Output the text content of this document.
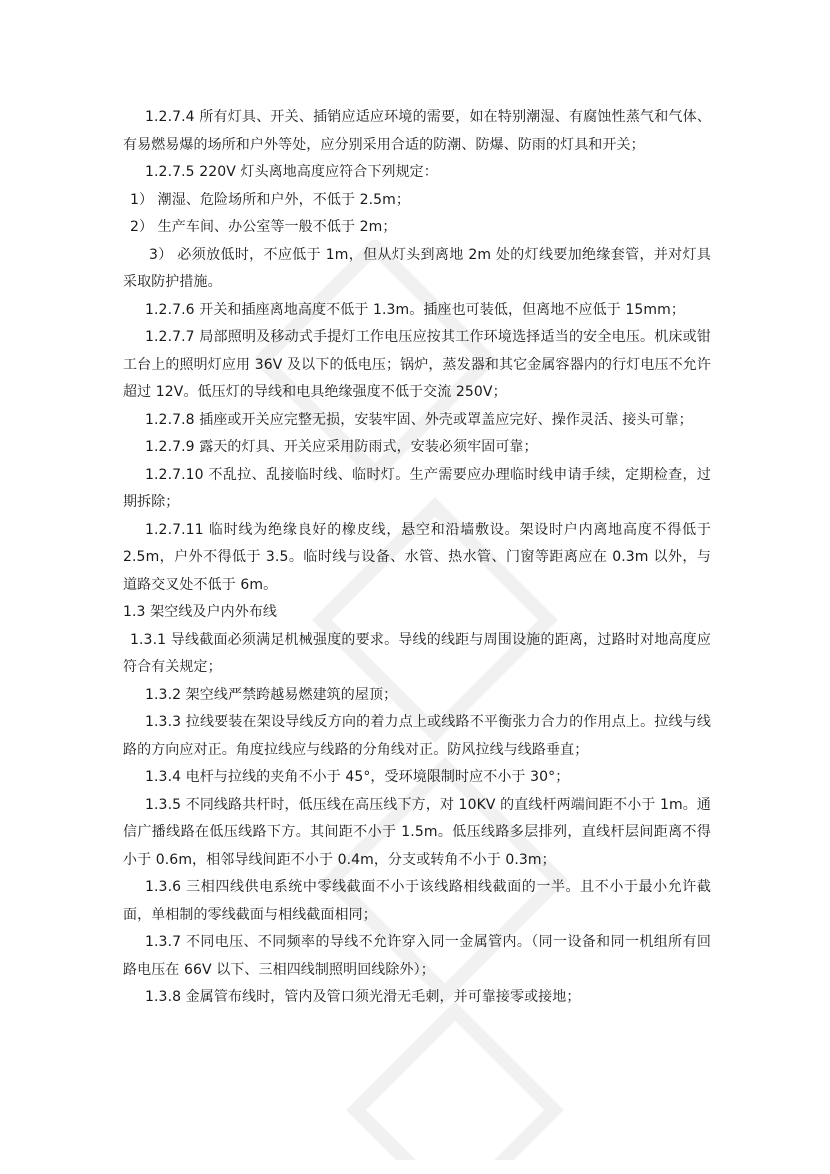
1.2.7.4 所有灯具、开关、插销应适应环境的需要，如在特别潮湿、有腐蚀性蒸气和气体、有易燃易爆的场所和户外等处，应分别采用合适的防潮、防爆、防雨的灯具和开关；

1.2.7.5 220V 灯头离地高度应符合下列规定：

1） 潮湿、危险场所和户外，不低于 2.5m；

2） 生产车间、办公室等一般不低于 2m；

3） 必须放低时，不应低于 1m，但从灯头到离地 2m 处的灯线要加绝缘套管，并对灯具采取防护措施。

1.2.7.6 开关和插座离地高度不低于 1.3m。插座也可装低，但离地不应低于 15mm；

1.2.7.7 局部照明及移动式手提灯工作电压应按其工作环境选择适当的安全电压。机床或钳工台上的照明灯应用 36V 及以下的低电压；锅炉，蒸发器和其它金属容器内的行灯电压不允许超过 12V。低压灯的导线和电具绝缘强度不低于交流 250V；

1.2.7.8 插座或开关应完整无损，安装牢固、外壳或罩盖应完好、操作灵活、接头可靠；

1.2.7.9 露天的灯具、开关应采用防雨式，安装必须牢固可靠；

1.2.7.10 不乱拉、乱接临时线、临时灯。生产需要应办理临时线申请手续，定期检查，过期拆除；

1.2.7.11 临时线为绝缘良好的橡皮线，悬空和沿墙敷设。架设时户内离地高度不得低于 2.5m，户外不得低于 3.5。临时线与设备、水管、热水管、门窗等距离应在 0.3m 以外，与道路交叉处不低于 6m。

1.3 架空线及户内外布线

1.3.1 导线截面必须满足机械强度的要求。导线的线距与周围设施的距离，过路时对地高度应符合有关规定；

1.3.2 架空线严禁跨越易燃建筑的屋顶；

1.3.3 拉线要装在架设导线反方向的着力点上或线路不平衡张力合力的作用点上。拉线与线路的方向应对正。角度拉线应与线路的分角线对正。防风拉线与线路垂直；

1.3.4 电杆与拉线的夹角不小于 45°，受环境限制时应不小于 30°；

1.3.5 不同线路共杆时，低压线在高压线下方，对 10KV 的直线杆两端间距不小于 1m。通信广播线路在低压线路下方。其间距不小于 1.5m。低压线路多层排列，直线杆层间距离不得小于 0.6m，相邻导线间距不小于 0.4m，分支或转角不小于 0.3m；

1.3.6 三相四线供电系统中零线截面不小于该线路相线截面的一半。且不小于最小允许截面，单相制的零线截面与相线截面相同；

1.3.7 不同电压、不同频率的导线不允许穿入同一金属管内。（同一设备和同一机组所有回路电压在 66V 以下、三相四线制照明回线除外）；

1.3.8 金属管布线时，管内及管口须光滑无毛刺，并可靠接零或接地；
